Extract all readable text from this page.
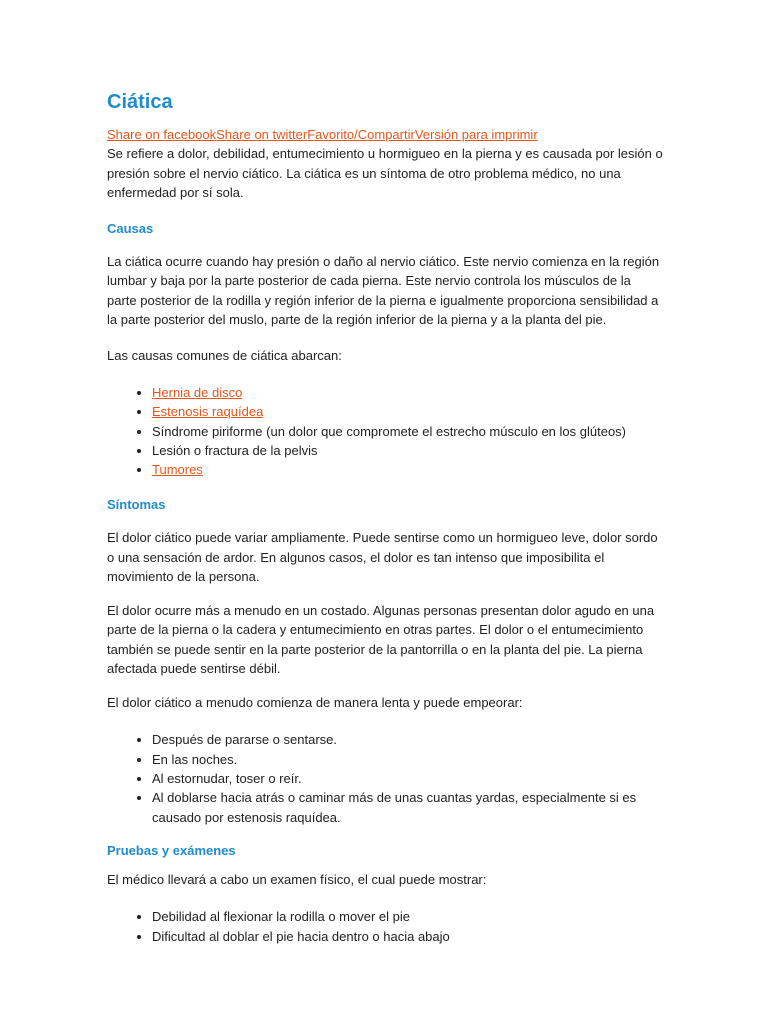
Ciática
Share on facebookShare on twitterFavorito/CompartirVersión para imprimir

Se refiere a dolor, debilidad, entumecimiento u hormigueo en la pierna y es causada por lesión o presión sobre el nervio ciático. La ciática es un síntoma de otro problema médico, no una enfermedad por sí sola.

Causas

La ciática ocurre cuando hay presión o daño al nervio ciático. Este nervio comienza en la región lumbar y baja por la parte posterior de cada pierna. Este nervio controla los músculos de la parte posterior de la rodilla y región inferior de la pierna e igualmente proporciona sensibilidad a la parte posterior del muslo, parte de la región inferior de la pierna y a la planta del pie.

Las causas comunes de ciática abarcan:

• Hernia de disco
• Estenosis raquídea
• Síndrome piriforme (un dolor que compromete el estrecho músculo en los glúteos)
• Lesión o fractura de la pelvis
• Tumores
Síntomas

El dolor ciático puede variar ampliamente. Puede sentirse como un hormigueo leve, dolor sordo o una sensación de ardor. En algunos casos, el dolor es tan intenso que imposibilita el movimiento de la persona.

El dolor ocurre más a menudo en un costado. Algunas personas presentan dolor agudo en una parte de la pierna o la cadera y entumecimiento en otras partes. El dolor o el entumecimiento también se puede sentir en la parte posterior de la pantorrilla o en la planta del pie. La pierna afectada puede sentirse débil.

El dolor ciático a menudo comienza de manera lenta y puede empeorar:

• Después de pararse o sentarse.
• En las noches.
• Al estornudar, toser o reír.
• Al doblarse hacia atrás o caminar más de unas cuantas yardas, especialmente si es causado por estenosis raquídea.
Pruebas y exámenes

El médico llevará a cabo un examen físico, el cual puede mostrar:

• Debilidad al flexionar la rodilla o mover el pie
• Dificultad al doblar el pie hacia dentro o hacia abajo
